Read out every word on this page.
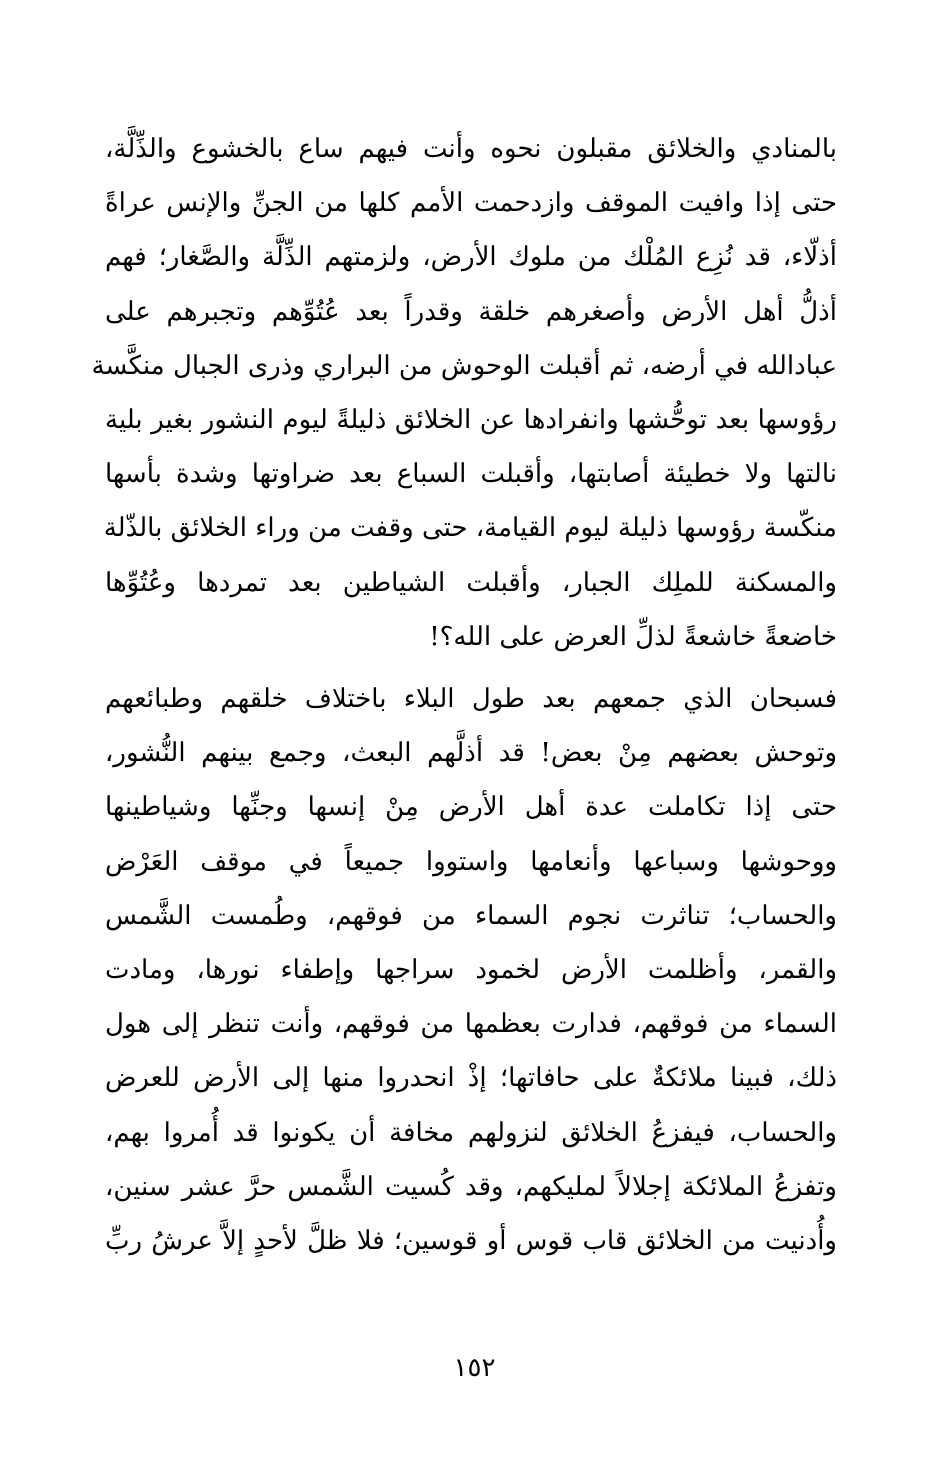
بالمنادي والخلائق مقبلون نحوه وأنت فيهم ساع بالخشوع والذِّلَّة،
حتى إذا وافيت الموقف وازدحمت الأمم كلها من الجنِّ والإنس عراةً
أذلّاء، قد نُزِع المُلْك من ملوك الأرض، ولزمتهم الذِّلَّة والصَّغار؛ فهم
أذلُّ أهل الأرض وأصغرهم خلقة وقدراً بعد عُتُوِّهم وتجبرهم على
عبادالله في أرضه، ثم أقبلت الوحوش من البراري وذرى الجبال منكَّسة
رؤوسها بعد توحُّشها وانفرادها عن الخلائق ذليلةً ليوم النشور بغير بلية
نالتها ولا خطيئة أصابتها، وأقبلت السباع بعد ضراوتها وشدة بأسها
منكّسة رؤوسها ذليلة ليوم القيامة، حتى وقفت من وراء الخلائق بالذّلة
والمسكنة للملِك الجبار، وأقبلت الشياطين بعد تمردها وعُتُوِّها
خاضعةً خاشعةً لذلِّ العرض على الله؟!
فسبحان الذي جمعهم بعد طول البلاء باختلاف خلقهم وطبائعهم
وتوحش بعضهم مِنْ بعض! قد أذلَّهم البعث، وجمع بينهم النُّشور،
حتى إذا تكاملت عدة أهل الأرض مِنْ إنسها وجنِّها وشياطينها
ووحوشها وسباعها وأنعامها واستووا جميعاً في موقف العَرْض
والحساب؛ تناثرت نجوم السماء من فوقهم، وطُمست الشَّمس
والقمر، وأظلمت الأرض لخمود سراجها وإطفاء نورها، ومادت
السماء من فوقهم، فدارت بعظمها من فوقهم، وأنت تنظر إلى هول
ذلك، فبينا ملائكةٌ على حافاتها؛ إذْ انحدروا منها إلى الأرض للعرض
والحساب، فيفزعُ الخلائق لنزولهم مخافة أن يكونوا قد أُمروا بهم،
وتفزعُ الملائكة إجلالاً لمليكهم، وقد كُسيت الشَّمس حرَّ عشر سنين،
وأُدنيت من الخلائق قاب قوس أو قوسين؛ فلا ظلَّ لأحدٍ إلاَّ عرشُ ربِّ
١٥٢
